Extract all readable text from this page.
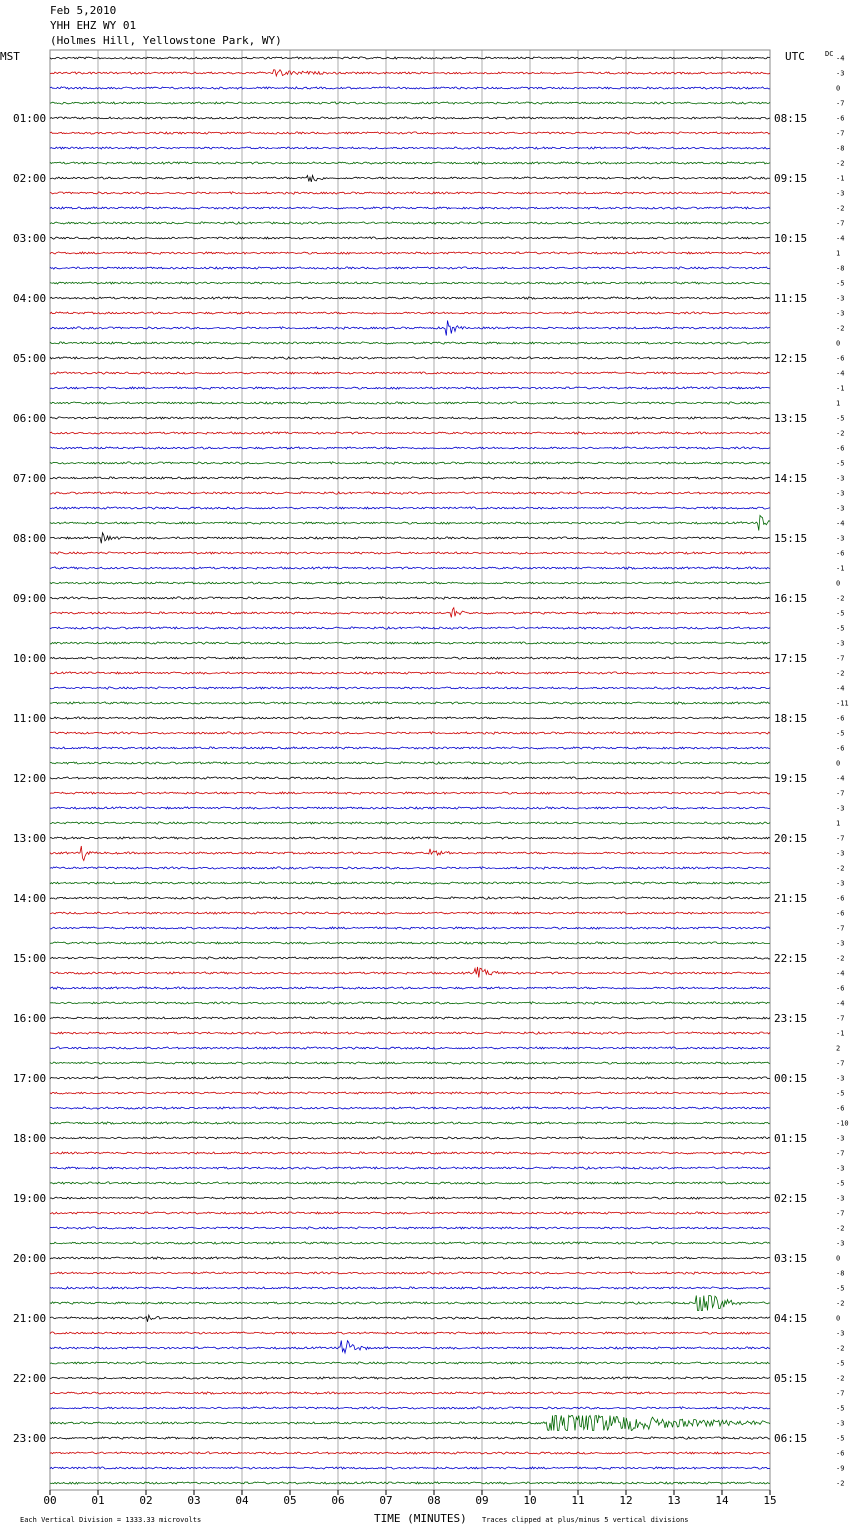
Feb 5,2010
YHH EHZ WY 01
(Holmes Hill, Yellowstone Park, WY)
MST	UTC	DC
TIME (MINUTES)
Each Vertical Division = 1333.33 microvolts	Traces clipped at plus/minus 5 vertical divisions
00	01	02	03	04	05	06	07	08	09	10	11	12	13	14	15
-4
-3
0
-7
-6
01:00	08:15
-7
-8
-2
-1
02:00	09:15
-3
-2
-7
-4
03:00	10:15
1
-8
-5
-3
04:00	11:15
-3
-2
0
-6
05:00	12:15
-4
-1
1
-5
06:00	13:15
-2
-6
-5
-3
07:00	14:15
-3
-3
-4
-3
08:00	15:15
-6
-1
0
-2
09:00	16:15
-5
-5
-3
-7
10:00	17:15
-2
-4
-11
-6
11:00	18:15
-5
-6
0
-4
12:00	19:15
-7
-3
1
-7
13:00	20:15
-3
-2
-3
-6
14:00	21:15
-6
-7
-3
-2
15:00	22:15
-4
-6
-4
-7
16:00	23:15
-1
2
-7
-3
17:00	00:15
-5
-6
-10
-3
18:00	01:15
-7
-3
-5
-3
19:00	02:15
-7
-2
-3
0
20:00	03:15
-8
-5
-2
0
21:00	04:15
-3
-2
-5
-2
22:00	05:15
-7
-5
-3
-5
23:00	06:15
-6
-9
-2
